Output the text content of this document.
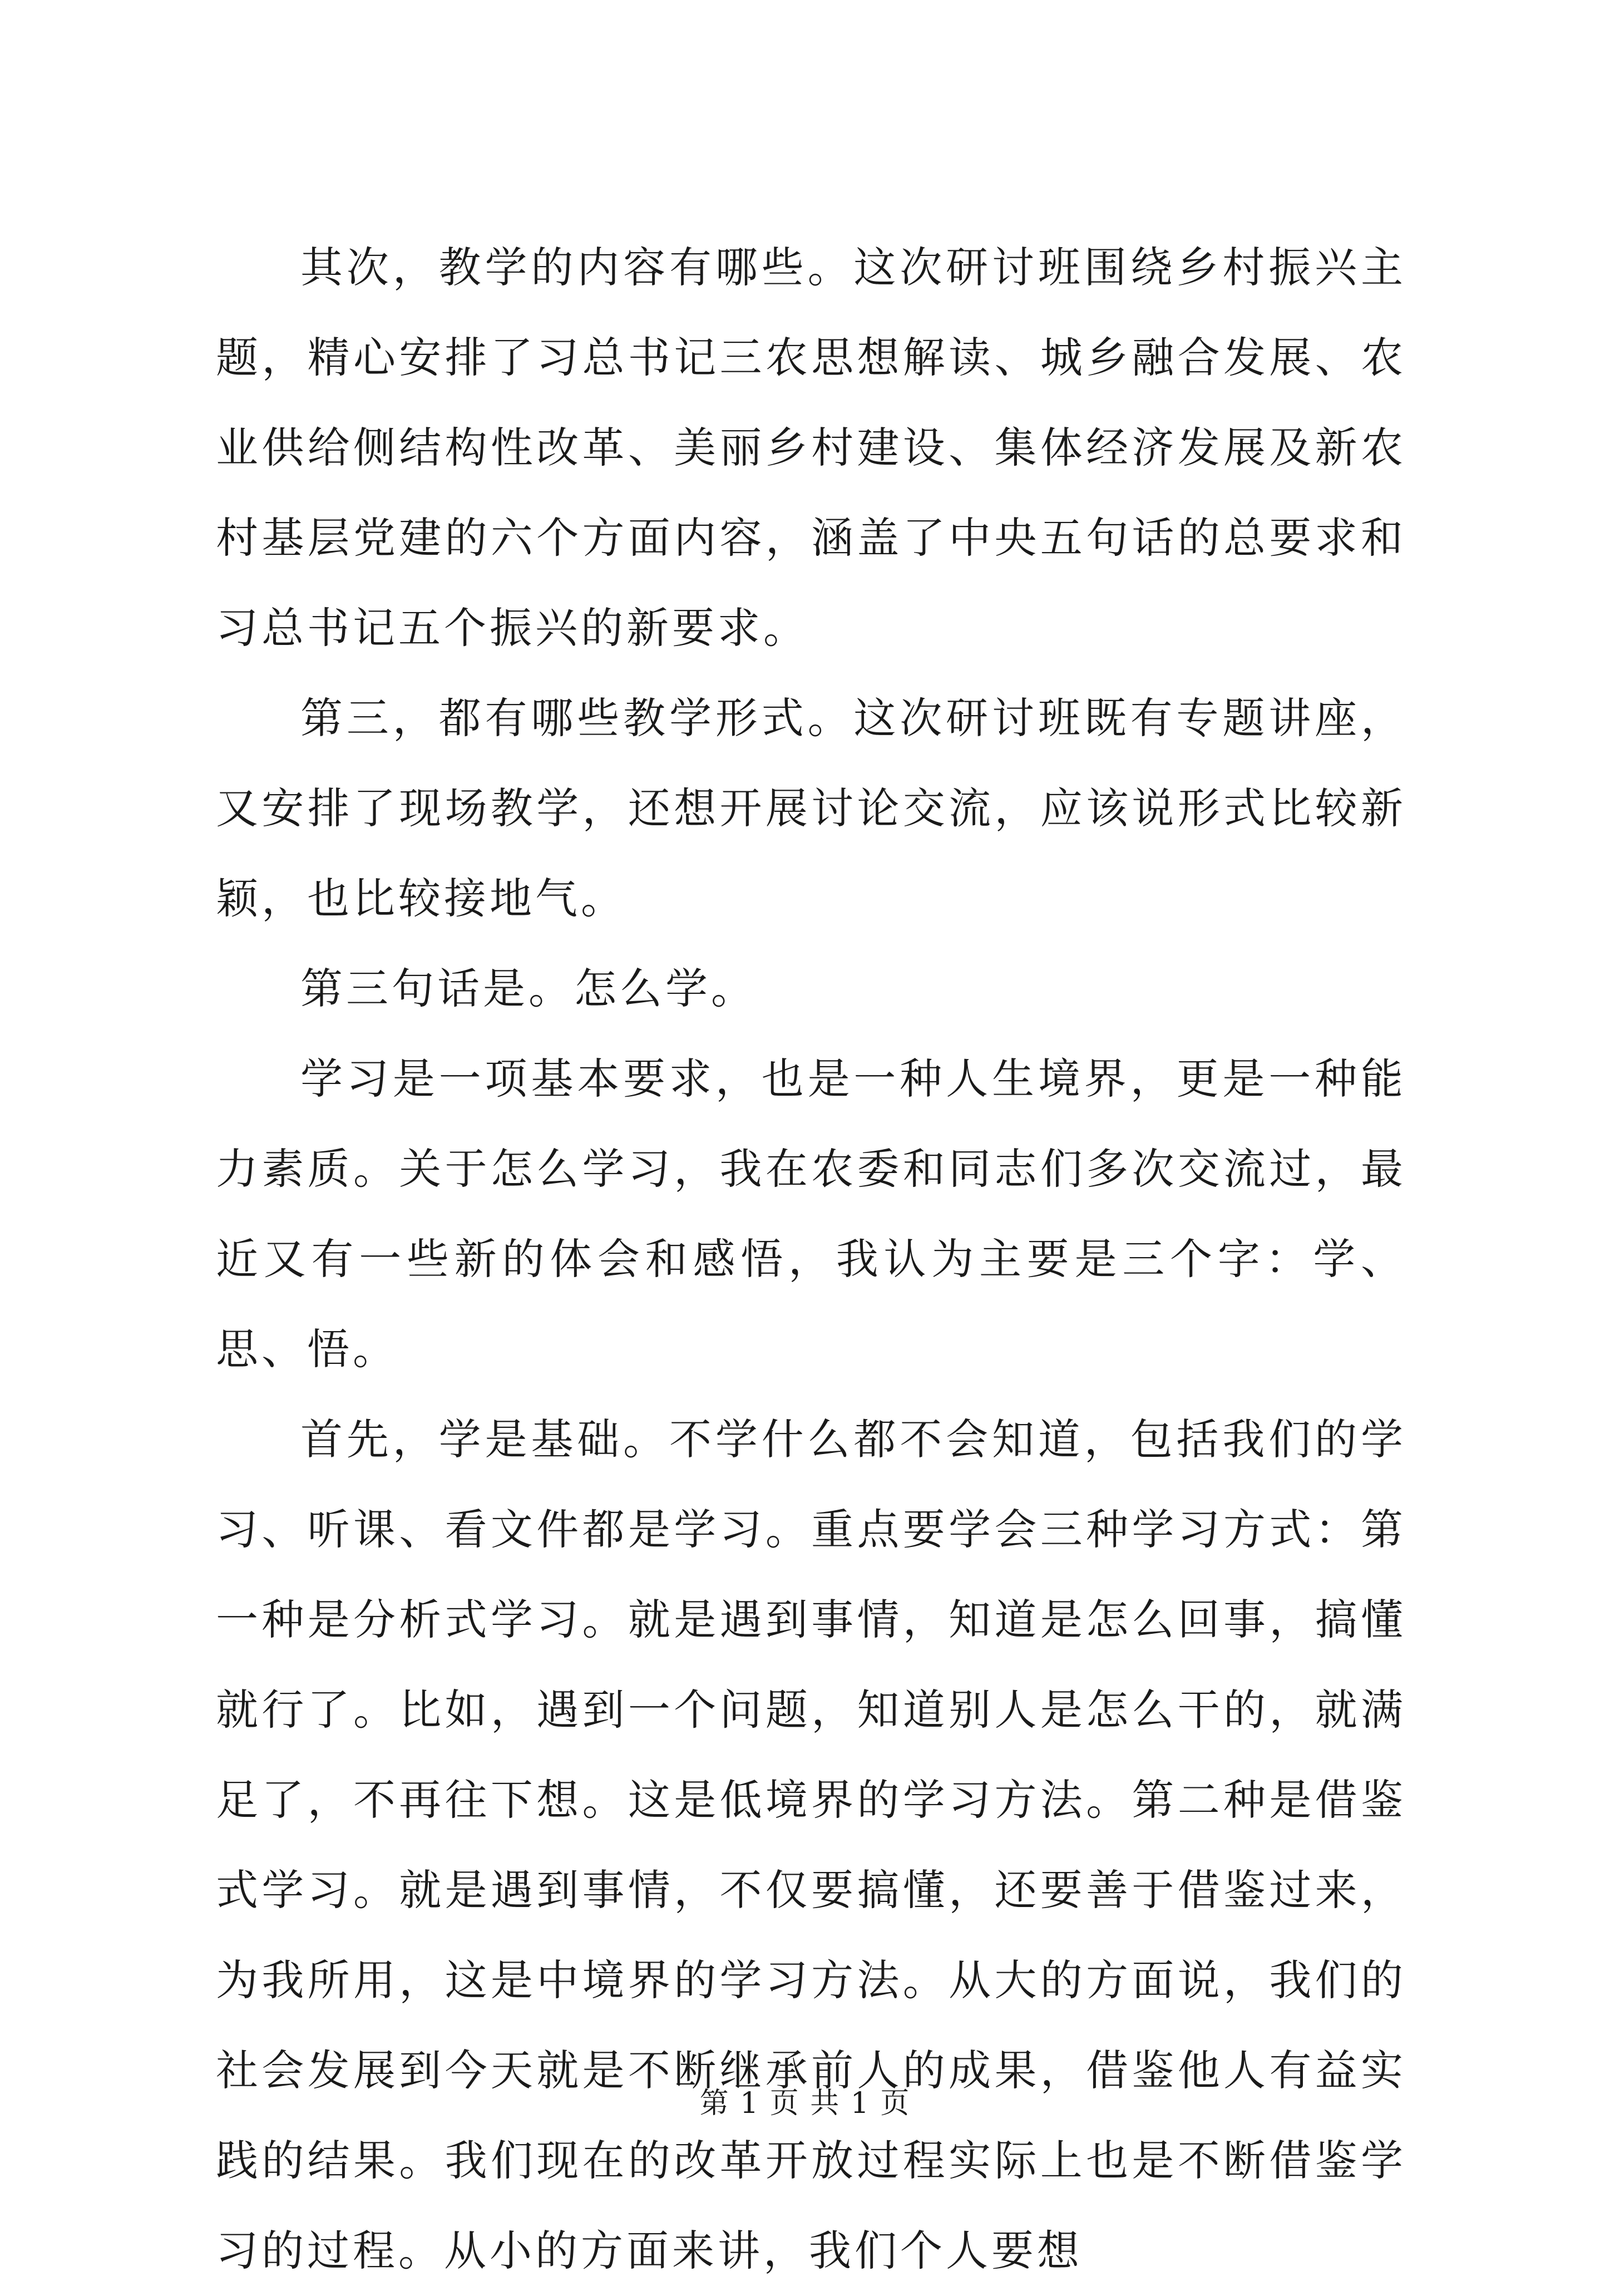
其次，教学的内容有哪些。这次研讨班围绕乡村振兴主题，精心安排了习总书记三农思想解读、城乡融合发展、农业供给侧结构性改革、美丽乡村建设、集体经济发展及新农村基层党建的六个方面内容，涵盖了中央五句话的总要求和习总书记五个振兴的新要求。

第三，都有哪些教学形式。这次研讨班既有专题讲座，又安排了现场教学，还想开展讨论交流，应该说形式比较新颖，也比较接地气。

第三句话是。怎么学。

学习是一项基本要求，也是一种人生境界，更是一种能力素质。关于怎么学习，我在农委和同志们多次交流过，最近又有一些新的体会和感悟，我认为主要是三个字：学、思、悟。

首先，学是基础。不学什么都不会知道，包括我们的学习、听课、看文件都是学习。重点要学会三种学习方式：第一种是分析式学习。就是遇到事情，知道是怎么回事，搞懂就行了。比如，遇到一个问题，知道别人是怎么干的，就满足了，不再往下想。这是低境界的学习方法。第二种是借鉴式学习。就是遇到事情，不仅要搞懂，还要善于借鉴过来，为我所用，这是中境界的学习方法。从大的方面说，我们的社会发展到今天就是不断继承前人的成果，借鉴他人有益实践的结果。我们现在的改革开放过程实际上也是不断借鉴学习的过程。从小的方面来讲，我们个人要想

第 1 页 共 1 页
